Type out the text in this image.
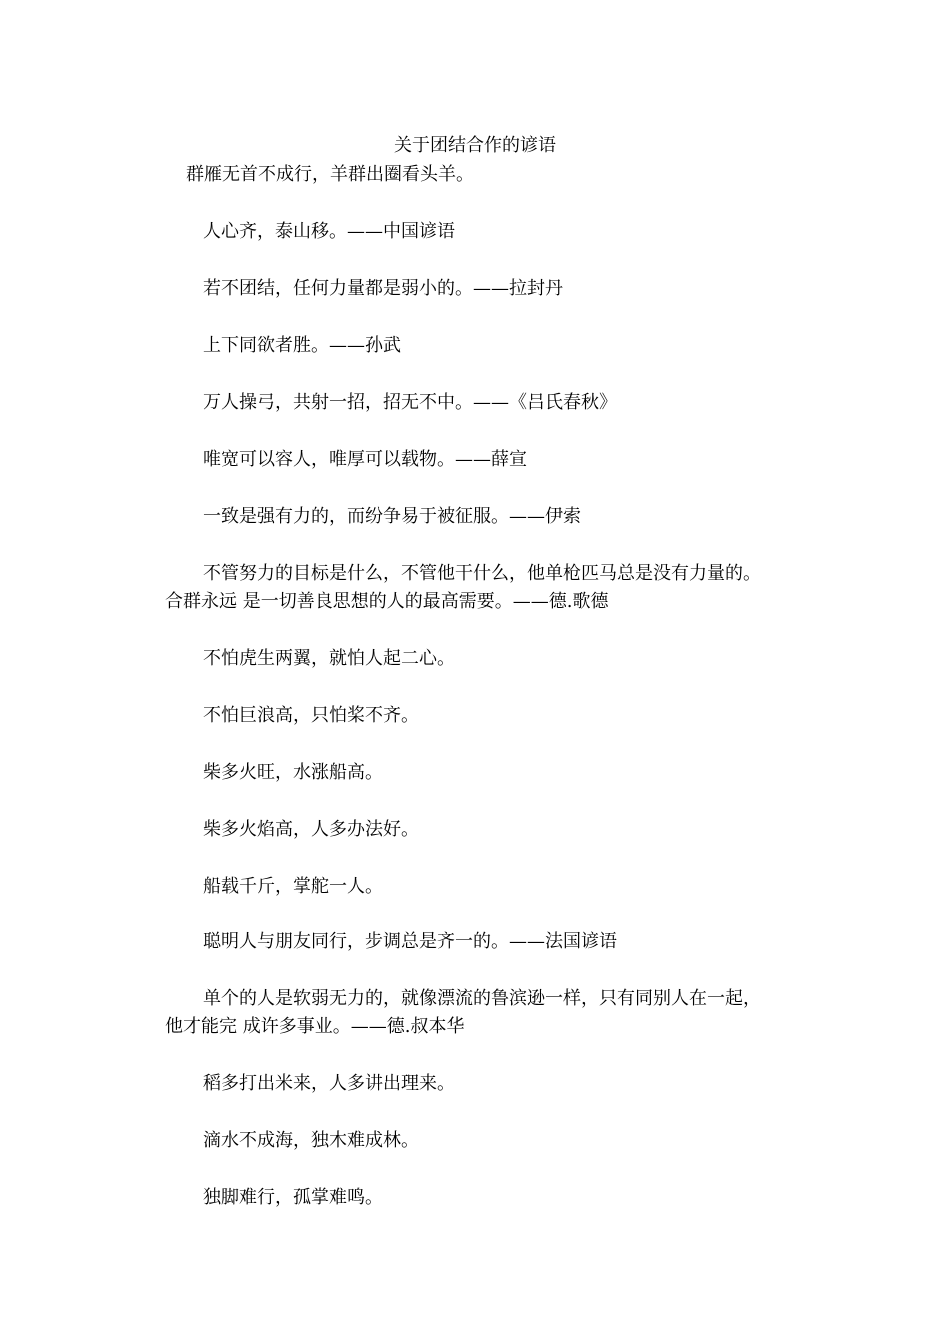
关于团结合作的谚语
群雁无首不成行，羊群出圈看头羊。
人心齐，泰山移。——中国谚语
若不团结，任何力量都是弱小的。——拉封丹
上下同欲者胜。——孙武
万人操弓，共射一招，招无不中。——《吕氏春秋》
唯宽可以容人，唯厚可以载物。——薛宣
一致是强有力的，而纷争易于被征服。——伊索
不管努力的目标是什么，不管他干什么，他单枪匹马总是没有力量的。
合群永远 是一切善良思想的人的最高需要。——德.歌德
不怕虎生两翼，就怕人起二心。
不怕巨浪高，只怕桨不齐。
柴多火旺，水涨船高。
柴多火焰高，人多办法好。
船载千斤，掌舵一人。
聪明人与朋友同行，步调总是齐一的。——法国谚语
单个的人是软弱无力的，就像漂流的鲁滨逊一样，只有同别人在一起，
他才能完 成许多事业。——德.叔本华
稻多打出米来，人多讲出理来。
滴水不成海，独木难成林。
独脚难行，孤掌难鸣。
